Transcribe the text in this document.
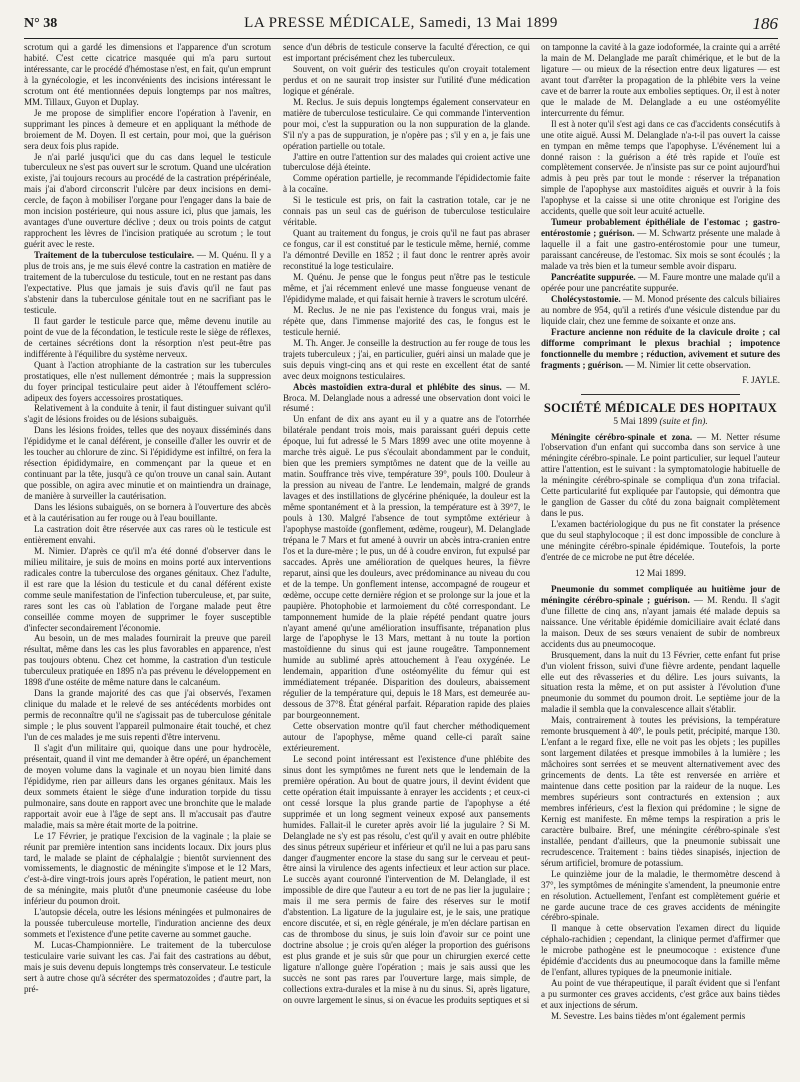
N° 38	LA PRESSE MÉDICALE, Samedi, 13 Mai 1899	186

scrotum qui a gardé les dimensions et l'apparence d'un scrotum habité. C'est cette cicatrice masquée qui m'a paru surtout intéressante, car le procédé d'hémostase n'est, en fait, qu'un emprunt à la gynécologie, et les inconvénients des incisions intéressant le scrotum ont été mentionnées depuis longtemps par nos maîtres, MM. Tillaux, Guyon et Duplay.

Je me propose de simplifier encore l'opération à l'avenir, en supprimant les pinces à demeure et en appliquant la méthode de broiement de M. Doyen. Il est certain, pour moi, que la guérison sera deux fois plus rapide.

Je n'ai parlé jusqu'ici que du cas dans lequel le testicule tuberculeux ne s'est pas ouvert sur le scrotum. Quand une ulcération existe, j'ai toujours recours au procédé de la castration prépérinéale, mais j'ai d'abord circonscrit l'ulcère par deux incisions en demi-cercle, de façon à mobiliser l'organe pour l'engager dans la baie de mon incision postérieure, qui nous assure ici, plus que jamais, les avantages d'une ouverture déclive ; deux ou trois points de catgut rapprochent les lèvres de l'incision pratiquée au scrotum ; le tout guérit avec le reste.

Traitement de la tuberculose testiculaire. — M. Quénu. Il y a plus de trois ans, je me suis élevé contre la castration en matière de traitement de la tuberculose du testicule, tout en ne restant pas dans l'expectative. Plus que jamais je suis d'avis qu'il ne faut pas s'abstenir dans la tuberculose génitale tout en ne sacrifiant pas le testicule.

Il faut garder le testicule parce que, même devenu inutile au point de vue de la fécondation, le testicule reste le siège de réflexes, de certaines sécrétions dont la résorption n'est peut-être pas indifférente à l'équilibre du système nerveux.

Quant à l'action atrophiante de la castration sur les tubercules prostatiques, elle n'est nullement démontrée ; mais la suppression du foyer principal testiculaire peut aider à l'étouffement scléro-adipeux des foyers accessoires prostatiques.

Relativement à la conduite à tenir, il faut distinguer suivant qu'il s'agit de lésions froides ou de lésions subaiguës.

Dans les lésions froides, telles que des noyaux disséminés dans l'épididyme et le canal déférent, je conseille d'aller les ouvrir et de les toucher au chlorure de zinc. Si l'épididyme est infiltré, on fera la résection épididymaire, en commençant par la queue et en continuant par la tête, jusqu'à ce qu'on trouve un canal sain. Autant que possible, on agira avec minutie et on maintiendra un drainage, de manière à surveiller la cautérisation.

Dans les lésions subaiguës, on se bornera à l'ouverture des abcès et à la cautérisation au fer rouge ou à l'eau bouillante.

La castration doit être réservée aux cas rares où le testicule est entièrement envahi.

M. Nimier. D'après ce qu'il m'a été donné d'observer dans le milieu militaire, je suis de moins en moins porté aux interventions radicales contre la tuberculose des organes génitaux. Chez l'adulte, il est rare que la lésion du testicule et du canal déférent existe comme seule manifestation de l'infection tuberculeuse, et, par suite, rares sont les cas où l'ablation de l'organe malade peut être conseillée comme moyen de supprimer le foyer susceptible d'infecter secondairement l'économie.

Au besoin, un de mes malades fournirait la preuve que pareil résultat, même dans les cas les plus favorables en apparence, n'est pas toujours obtenu. Chez cet homme, la castration d'un testicule tuberculeux pratiquée en 1895 n'a pas prévenu le développement en 1898 d'une ostéite de même nature dans le calcanéum.

Dans la grande majorité des cas que j'ai observés, l'examen clinique du malade et le relevé de ses antécédents morbides ont permis de reconnaître qu'il ne s'agissait pas de tuberculose génitale simple ; le plus souvent l'appareil pulmonaire était touché, et chez l'un de ces malades je me suis repenti d'être intervenu.

Il s'agit d'un militaire qui, quoique dans une pour hydrocèle, présentait, quand il vint me demander à être opéré, un épanchement de moyen volume dans la vaginale et un noyau bien limité dans l'épididyme, rien par ailleurs dans les organes génitaux. Mais les deux sommets étaient le siège d'une induration torpide du tissu pulmonaire, sans doute en rapport avec une bronchite que le malade rapportait avoir eue à l'âge de sept ans. Il m'accusait pas d'autre maladie, mais sa mère était morte de la poitrine.

Le 17 Février, je pratique l'excision de la vaginale ; la plaie se réunit par première intention sans incidents locaux. Dix jours plus tard, le malade se plaint de céphalalgie ; bientôt surviennent des vomissements, le diagnostic de méningite s'impose et le 12 Mars, c'est-à-dire vingt-trois jours après l'opération, le patient meurt, non de sa méningite, mais plutôt d'une pneumonie caséeuse du lobe inférieur du poumon droit.

L'autopsie décela, outre les lésions méningées et pulmonaires de la poussée tuberculeuse mortelle, l'induration ancienne des deux sommets et l'existence d'une petite caverne au sommet gauche.

M. Lucas-Championnière. Le traitement de la tuberculose testiculaire varie suivant les cas. J'ai fait des castrations au début, mais je suis devenu depuis longtemps très conservateur. Le testicule sert à autre chose qu'à sécréter des spermatozoïdes ; d'autre part, la pré-

sence d'un débris de testicule conserve la faculté d'érection, ce qui est important précisément chez les tuberculeux.

Souvent, on voit guérir des testicules qu'on croyait totalement perdus et on ne saurait trop insister sur l'utilité d'une médication logique et générale.

M. Reclus. Je suis depuis longtemps également conservateur en matière de tuberculose testiculaire. Ce qui commande l'intervention pour moi, c'est la suppuration ou la non suppuration de la glande. S'il n'y a pas de suppuration, je n'opère pas ; s'il y en a, je fais une opération partielle ou totale.

J'attire en outre l'attention sur des malades qui croient active une tuberculose déjà éteinte.

Comme opération partielle, je recommande l'épididectomie faite à la cocaïne.

Si le testicule est pris, on fait la castration totale, car je ne connais pas un seul cas de guérison de tuberculose testiculaire véritable.

Quant au traitement du fongus, je crois qu'il ne faut pas abraser ce fongus, car il est constitué par le testicule même, hernié, comme l'a démontré Deville en 1852 ; il faut donc le rentrer après avoir reconstitué la loge testiculaire.

M. Quénu. Je pense que le fongus peut n'être pas le testicule même, et j'ai récemment enlevé une masse fongueuse venant de l'épididyme malade, et qui faisait hernie à travers le scrotum ulcéré.

M. Reclus. Je ne nie pas l'existence du fongus vrai, mais je répète que, dans l'immense majorité des cas, le fongus est le testicule hernié.

M. Th. Anger. Je conseille la destruction au fer rouge de tous les trajets tuberculeux ; j'ai, en particulier, guéri ainsi un malade que je suis depuis vingt-cinq ans et qui reste en excellent état de santé avec deux moignons testiculaires.

Abcès mastoïdien extra-dural et phlébite des sinus. — M. Broca. M. Delanglade nous a adressé une observation dont voici le résumé :

Un enfant de dix ans ayant eu il y a quatre ans de l'otorrhée bilatérale pendant trois mois, mais paraissant guéri depuis cette époque, lui fut adressé le 5 Mars 1899 avec une otite moyenne à marche très aiguë. Le pus s'écoulait abondamment par le conduit, bien que les premiers symptômes ne datent que de la veille au matin. Souffrance très vive, température 39°, pouls 100. Douleur à la pression au niveau de l'antre. Le lendemain, malgré de grands lavages et des instillations de glycérine phéniquée, la douleur est la même spontanément et à la pression, la température est à 39°7, le pouls à 130. Malgré l'absence de tout symptôme extérieur à l'apophyse mastoïde (gonflement, œdème, rougeur), M. Delanglade trépana le 7 Mars et fut amené à ouvrir un abcès intra-cranien entre l'os et la dure-mère ; le pus, un dé à coudre environ, fut expulsé par saccades. Après une amélioration de quelques heures, la fièvre reparut, ainsi que les douleurs, avec prédominance au niveau du cou et de la tempe. Un gonflement intense, accompagné de rougeur et œdème, occupe cette dernière région et se prolonge sur la joue et la paupière. Photophobie et larmoiement du côté correspondant. Le tamponnement humide de la plaie répété pendant quatre jours n'ayant amené qu'une amélioration insuffisante, trépanation plus large de l'apophyse le 13 Mars, mettant à nu toute la portion mastoïdienne du sinus qui est jaune rougeâtre. Tamponnement humide au sublimé après attouchement à l'eau oxygénée. Le lendemain, apparition d'une ostéomyélite du fémur qui est immédiatement trépanée. Disparition des douleurs, abaissement régulier de la température qui, depuis le 18 Mars, est demeurée au-dessous de 37°8. État général parfait. Réparation rapide des plaies par bourgeonnement.

Cette observation montre qu'il faut chercher méthodiquement autour de l'apophyse, même quand celle-ci paraît saine extérieurement.

Le second point intéressant est l'existence d'une phlébite des sinus dont les symptômes ne furent nets que le lendemain de la première opération. Au bout de quatre jours, il devint évident que cette opération était impuissante à enrayer les accidents ; et ceux-ci ont cessé lorsque la plus grande partie de l'apophyse a été supprimée et un long segment veineux exposé aux pansements humides. Fallait-il le cureter après avoir lié la jugulaire ? Si M. Delanglade ne s'y est pas résolu, c'est qu'il y avait en outre phlébite des sinus pétreux supérieur et inférieur et qu'il ne lui a pas paru sans danger d'augmenter encore la stase du sang sur le cerveau et peut-être ainsi la virulence des agents infectieux et leur action sur place. Le succès ayant couronné l'intervention de M. Delanglade, il est impossible de dire que l'auteur a eu tort de ne pas lier la jugulaire ; mais il me sera permis de faire des réserves sur le motif d'abstention. La ligature de la jugulaire est, je le sais, une pratique encore discutée, et si, en règle générale, je m'en déclare partisan en cas de thrombose du sinus, je suis loin d'avoir sur ce point une doctrine absolue ; je crois qu'en aléger la proportion des guérisons est plus grande et je suis sûr que pour un chirurgien exercé cette ligature n'allonge guère l'opération ; mais je sais aussi que les succès ne sont pas rares par l'ouverture large, mais simple, de collections extra-durales et la mise à nu du sinus. Si, après ligature, on ouvre largement le sinus, si on évacue les produits septiques et si

on tamponne la cavité à la gaze iodoformée, la crainte qui a arrêté la main de M. Delanglade me paraît chimérique, et le but de la ligature — ou mieux de la résection entre deux ligatures — est avant tout d'arrêter la propagation de la phlébite vers la veine cave et de barrer la route aux embolies septiques. Or, il est à noter que le malade de M. Delanglade a eu une ostéomyélite intercurrente du fémur.

Il est à noter qu'il s'est agi dans ce cas d'accidents consécutifs à une otite aiguë. Aussi M. Delanglade n'a-t-il pas ouvert la caisse en tympan en même temps que l'apophyse. L'événement lui a donné raison : la guérison a été très rapide et l'ouïe est complètement conservée. Je n'insiste pas sur ce point aujourd'hui admis à peu près par tout le monde : réserver la trépanation simple de l'apophyse aux mastoïdites aiguës et ouvrir à la fois l'apophyse et la caisse si une otite chronique est l'origine des accidents, quelle que soit leur acuité actuelle.

Tumeur probablement épithéliale de l'estomac ; gastro-entérostomie ; guérison. — M. Schwartz présente une malade à laquelle il a fait une gastro-entérostomie pour une tumeur, paraissant cancéreuse, de l'estomac. Six mois se sont écoulés ; la malade va très bien et la tumeur semble avoir disparu.

Pancréatite suppurée. — M. Faure montre une malade qu'il a opérée pour une pancréatite suppurée.

Cholécystostomie. — M. Monod présente des calculs biliaires au nombre de 954, qu'il a retirés d'une vésicule distendue par du liquide clair, chez une femme de soixante et onze ans.

Fracture ancienne non réduite de la clavicule droite ; cal difforme comprimant le plexus brachial ; impotence fonctionnelle du membre ; réduction, avivement et suture des fragments ; guérison. — M. Nimier lit cette observation.

F. JAYLE.

SOCIÉTÉ MÉDICALE DES HOPITAUX
5 Mai 1899 (suite et fin).

Méningite cérébro-spinale et zona. — M. Netter résume l'observation d'un enfant qui succomba dans son service à une méningite cérébro-spinale. Le point particulier, sur lequel l'auteur attire l'attention, est le suivant : la symptomatologie habituelle de la méningite cérébro-spinale se compliqua d'un zona trifacial. Cette particularité fut expliquée par l'autopsie, qui démontra que le ganglion de Gasser du côté du zona baignait complètement dans le pus.

L'examen bactériologique du pus ne fit constater la présence que du seul staphylocoque ; il est donc impossible de conclure à une méningite cérébro-spinale épidémique. Toutefois, la porte d'entrée de ce microbe ne put être décelée.

12 Mai 1899.

Pneumonie du sommet compliquée au huitième jour de méningite cérébro-spinale ; guérison. — M. Rendu. Il s'agit d'une fillette de cinq ans, n'ayant jamais été malade depuis sa naissance. Une véritable épidémie domiciliaire avait éclaté dans la maison. Deux de ses sœurs venaient de subir de nombreux accidents dus au pneumocoque.

Brusquement, dans la nuit du 13 Février, cette enfant fut prise d'un violent frisson, suivi d'une fièvre ardente, pendant laquelle elle eut des rêvasseries et du délire. Les jours suivants, la situation resta la même, et on put assister à l'évolution d'une pneumonie du sommet du poumon droit. Le septième jour de la maladie il sembla que la convalescence allait s'établir.

Mais, contrairement à toutes les prévisions, la température remonte brusquement à 40°, le pouls petit, précipité, marque 130. L'enfant a le regard fixe, elle ne voit pas les objets ; les pupilles sont largement dilatées et presque immobiles à la lumière ; les mâchoires sont serrées et se meuvent alternativement avec des grincements de dents. La tête est renversée en arrière et maintenue dans cette position par la raideur de la nuque. Les membres supérieurs sont contracturés en extension ; aux membres inférieurs, c'est la flexion qui prédomine ; le signe de Kernig est manifeste. En même temps la respiration a pris le caractère bulbaire. Bref, une méningite cérébro-spinale s'est installée, pendant d'ailleurs, que la pneumonie subissait une recrudescence. Traitement : bains tièdes sinapisés, injection de sérum artificiel, bromure de potassium.

Le quinzième jour de la maladie, le thermomètre descend à 37°, les symptômes de méningite s'amendent, la pneumonie entre en résolution. Actuellement, l'enfant est complètement guérie et ne garde aucune trace de ces graves accidents de méningite cérébro-spinale.

Il manque à cette observation l'examen direct du liquide céphalo-rachidien ; cependant, la clinique permet d'affirmer que le microbe pathogène est le pneumocoque : existence d'une épidémie d'accidents dus au pneumocoque dans la famille même de l'enfant, allures typiques de la pneumonie initiale.

Au point de vue thérapeutique, il paraît évident que si l'enfant a pu surmonter ces graves accidents, c'est grâce aux bains tièdes et aux injections de sérum.

M. Sevestre. Les bains tièdes m'ont également permis
